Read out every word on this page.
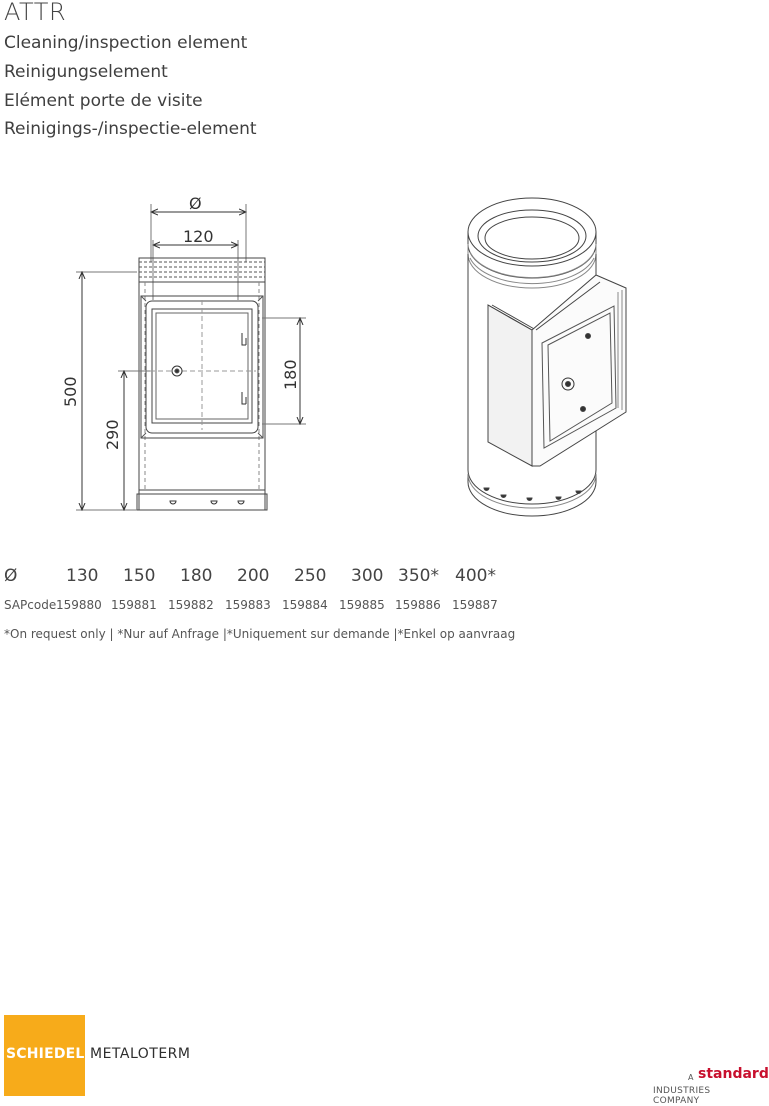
ATTR
Cleaning/inspection element
Reinigungselement
Elément porte de visite
Reinigings-/inspectie-element
Ø
120
500
290
180
Ø	130 150 180 200 250 300 350* 400*
SAPcode 159880 159881 159882 159883 159884 159885 159886 159887
*On request only | *Nur auf Anfrage |*Uniquement sur demande |*Enkel op aanvraag
SCHIEDEL METALOTERM
A standard
INDUSTRIES COMPANY
